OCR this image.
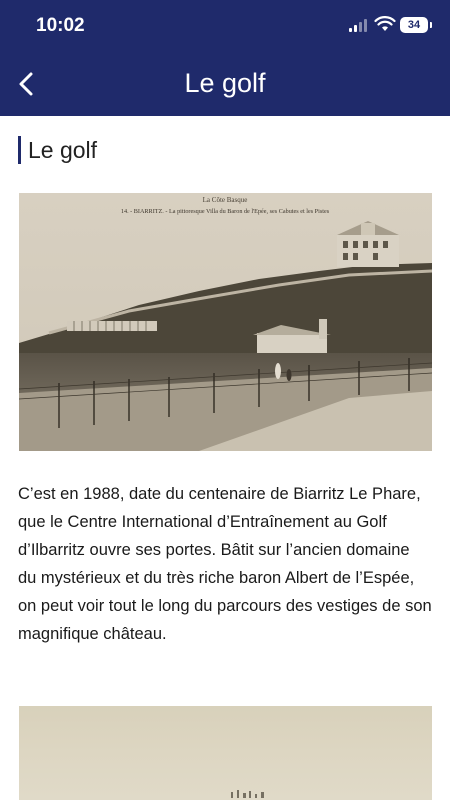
10:02	34
Le golf
Le golf
La Côte Basque
14. - BIARRITZ. - La pittoresque Villa du Baron de l'Epée, ses Cabutes et les Pistes

C’est en 1988, date du centenaire de Biarritz Le Phare, que le Centre International d’Entraînement au Golf d’Ilbarritz ouvre ses portes. Bâtit sur l’ancien domaine du mystérieux et du très riche baron Albert de l’Espée, on peut voir tout le long du parcours des vestiges de son magnifique château.
